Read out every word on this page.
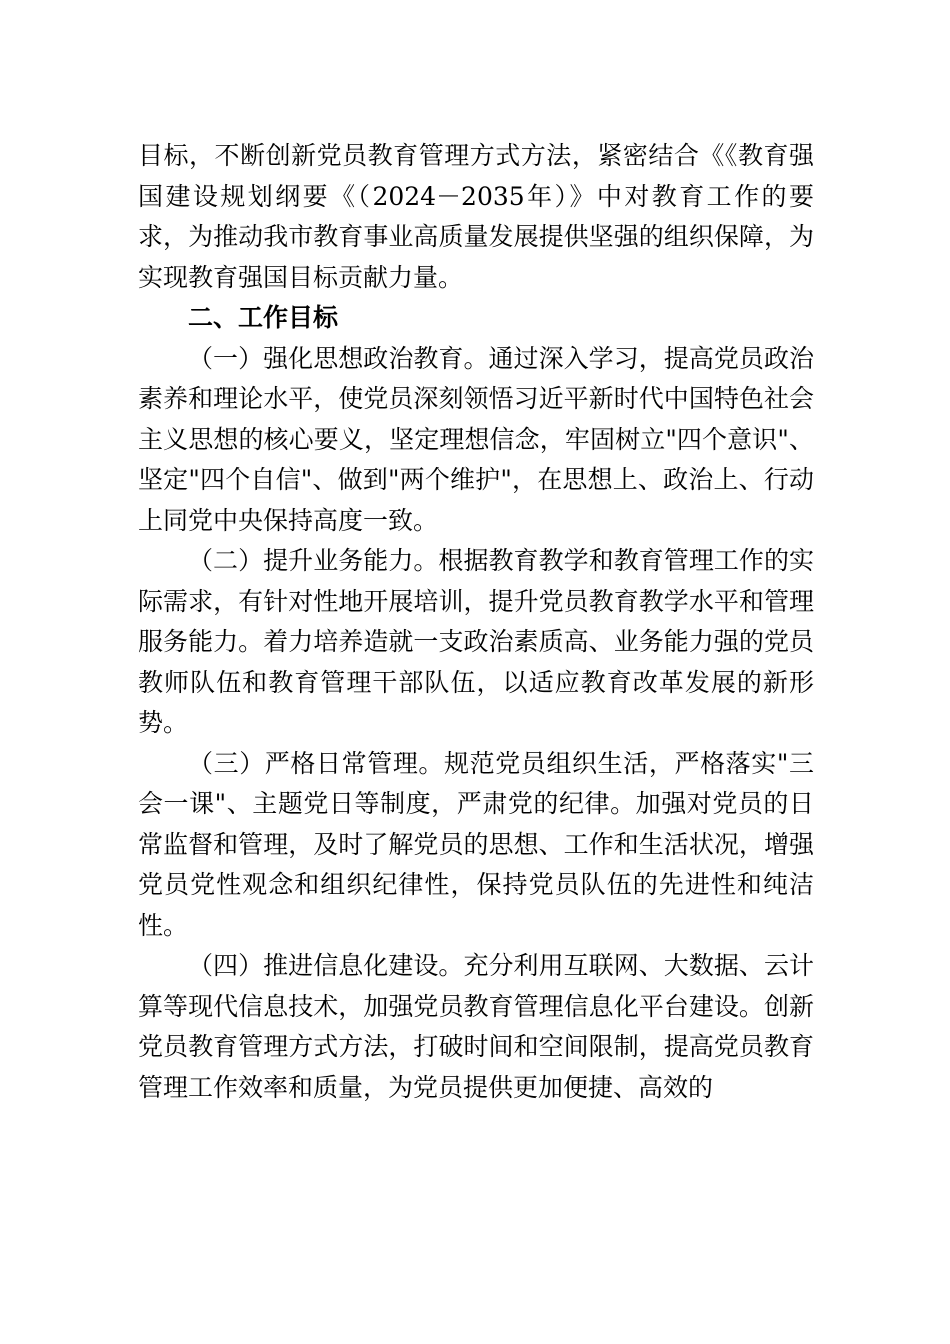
目标，不断创新党员教育管理方式方法，紧密结合《《教育强国建设规划纲要《（2024－2035年）》中对教育工作的要求，为推动我市教育事业高质量发展提供坚强的组织保障，为实现教育强国目标贡献力量。

二、工作目标

（一）强化思想政治教育。通过深入学习，提高党员政治素养和理论水平，使党员深刻领悟习近平新时代中国特色社会主义思想的核心要义，坚定理想信念，牢固树立"四个意识"、坚定"四个自信"、做到"两个维护"，在思想上、政治上、行动上同党中央保持高度一致。

（二）提升业务能力。根据教育教学和教育管理工作的实际需求，有针对性地开展培训，提升党员教育教学水平和管理服务能力。着力培养造就一支政治素质高、业务能力强的党员教师队伍和教育管理干部队伍，以适应教育改革发展的新形势。

（三）严格日常管理。规范党员组织生活，严格落实"三会一课"、主题党日等制度，严肃党的纪律。加强对党员的日常监督和管理，及时了解党员的思想、工作和生活状况，增强党员党性观念和组织纪律性，保持党员队伍的先进性和纯洁性。

（四）推进信息化建设。充分利用互联网、大数据、云计算等现代信息技术，加强党员教育管理信息化平台建设。创新党员教育管理方式方法，打破时间和空间限制，提高党员教育管理工作效率和质量，为党员提供更加便捷、高效的
